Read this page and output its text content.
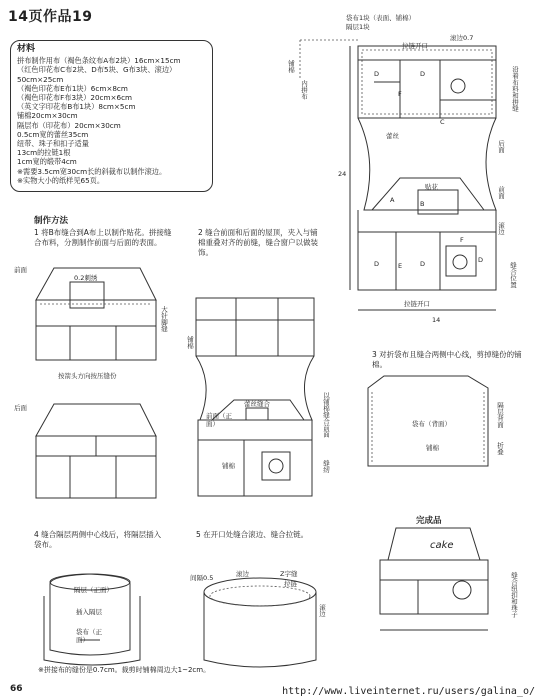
14页作品19
材料
拼布制作用布（褐色条纹布A布2块）16cm×15cm
（红色印花布C布2块、D布5块、G布3块、滚边）
50cm×25cm
（褐色印花布E布1块）6cm×8cm
（褐色印花布F布3块）20cm×6cm
（英文字印花布B布1块）8cm×5cm
铺棉20cm×30cm
隔层布（印花布）20cm×30cm
0.5cm宽的蕾丝35cm
纽带、珠子和扣子适量
13cm的拉链1根
1cm宽的缎带4cm
※需要3.5cm宽30cm长的斜裁布以制作滚边。
※实物大小的纸样见65页。
袋布1块（表面、铺棉）
隔层1块
拉链开口
滚边0.7
铺棉
内拼布	沿着布料和拼缝
后面
前面
蕾丝
贴花
滚边
缝合位置
24
14
拉链开口
制作方法
1 将B布缝合到A布上以制作贴花。拼接缝合布料，分割制作前面与后面的表面。
前面
0.2刺绣
按箭头方向按压缝份
大针脚缝
后面
2 缝合前面和后面的屋顶，夹入与铺棉重叠对齐的前缝，缝合窗户以做装饰。
铺棉
前面（正面）
蕾丝缝合
铺棉
以铺棉缝合前面
缝纫
3 对折袋布且缝合两侧中心线，剪掉缝份的铺棉。
袋布（背面）
铺棉
隔层背面
折叠
4 缝合隔层两侧中心线后，将隔层插入袋布。
隔层（正面）
插入隔层
袋布（正面）
5 在开口处缝合滚边、缝合拉链。
间隔0.5	滚边	Z字缝
拉链
滚边
完成品
cake
缝合纽扣和珠子
※拼接布的缝份是0.7cm。裁剪时铺棉周边大1~2cm。
D
F
D
C
A	B
D	E	D
F
D
66	http://www.liveinternet.ru/users/galina_o/
